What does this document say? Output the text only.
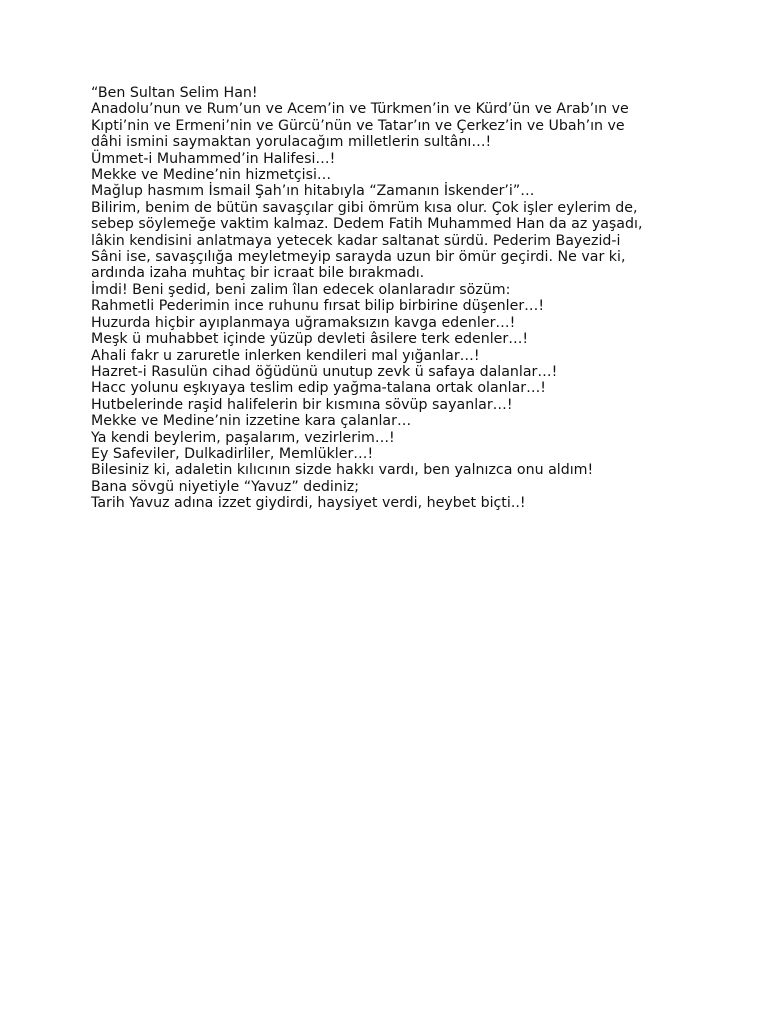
“Ben Sultan Selim Han!
Anadolu’nun ve Rum’un ve Acem’in ve Türkmen’in ve Kürd’ün ve Arab’ın ve
Kıpti’nin ve Ermeni’nin ve Gürcü’nün ve Tatar’ın ve Çerkez’in ve Ubah’ın ve
dâhi ismini saymaktan yorulacağım milletlerin sultânı…!
Ümmet-i Muhammed’in Halifesi…!
Mekke ve Medine’nin hizmetçisi…
Mağlup hasmım İsmail Şah’ın hitabıyla “Zamanın İskender’i”…
Bilirim, benim de bütün savaşçılar gibi ömrüm kısa olur. Çok işler eylerim de,
sebep söylemeğe vaktim kalmaz. Dedem Fatih Muhammed Han da az yaşadı,
lâkin kendisini anlatmaya yetecek kadar saltanat sürdü. Pederim Bayezid-i
Sâni ise, savaşçılığa meyletmeyip sarayda uzun bir ömür geçirdi. Ne var ki,
ardında izaha muhtaç bir icraat bile bırakmadı.
İmdi! Beni şedid, beni zalim îlan edecek olanlaradır sözüm:
Rahmetli Pederimin ince ruhunu fırsat bilip birbirine düşenler…!
Huzurda hiçbir ayıplanmaya uğramaksızın kavga edenler…!
Meşk ü muhabbet içinde yüzüp devleti âsilere terk edenler…!
Ahali fakr u zaruretle inlerken kendileri mal yığanlar…!
Hazret-i Rasulün cihad öğüdünü unutup zevk ü safaya dalanlar…!
Hacc yolunu eşkıyaya teslim edip yağma-talana ortak olanlar…!
Hutbelerinde raşid halifelerin bir kısmına sövüp sayanlar…!
Mekke ve Medine’nin izzetine kara çalanlar…
Ya kendi beylerim, paşalarım, vezirlerim…!
Ey Safeviler, Dulkadirliler, Memlükler…!
Bilesiniz ki, adaletin kılıcının sizde hakkı vardı, ben yalnızca onu aldım!
Bana sövgü niyetiyle “Yavuz” dediniz;
Tarih Yavuz adına izzet giydirdi, haysiyet verdi, heybet biçti..!
